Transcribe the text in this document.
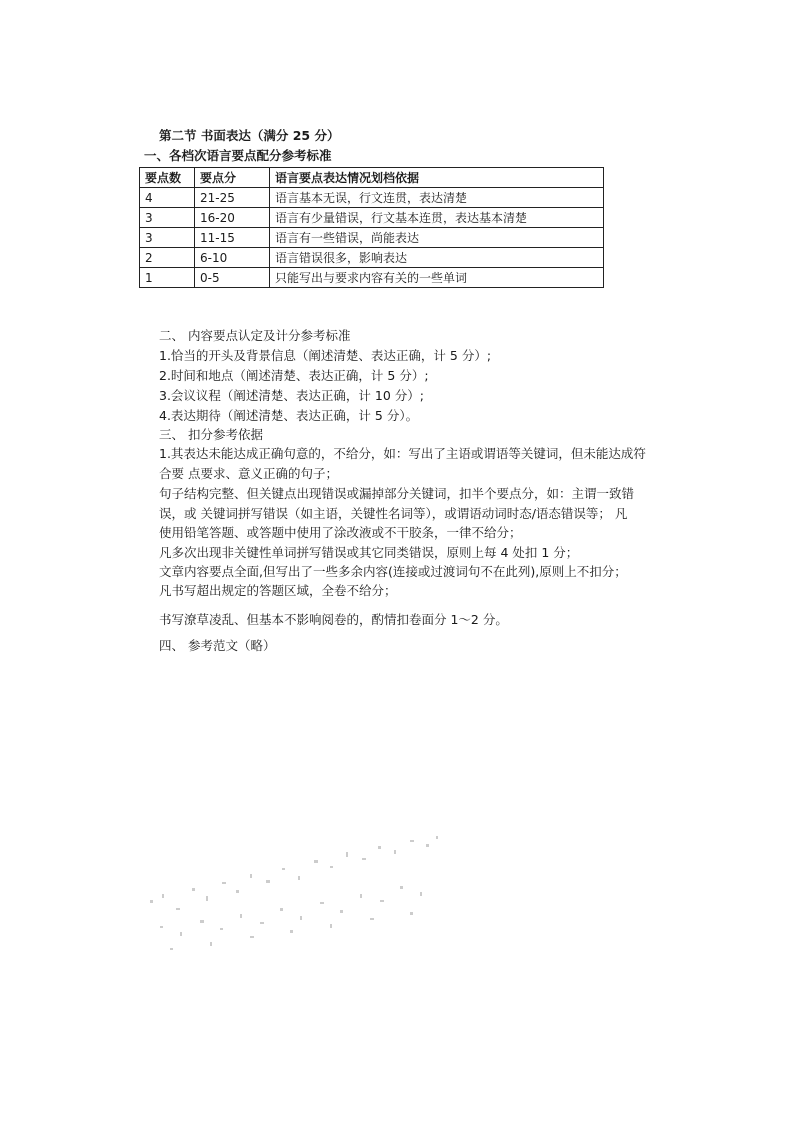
第二节 书面表达（满分 25 分）
一、各档次语言要点配分参考标准
要点数	要点分	语言要点表达情况划档依据
4	21-25	语言基本无误，行文连贯，表达清楚
3	16-20	语言有少量错误，行文基本连贯，表达基本清楚
3	11-15	语言有一些错误，尚能表达
2	6-10	语言错误很多，影响表达
1	0-5	只能写出与要求内容有关的一些单词
二、 内容要点认定及计分参考标准
1.恰当的开头及背景信息（阐述清楚、表达正确，计 5 分）;
2.时间和地点（阐述清楚、表达正确，计 5 分）;
3.会议议程（阐述清楚、表达正确，计 10 分）;
4.表达期待（阐述清楚、表达正确，计 5 分）。
三、 扣分参考依据
1.其表达未能达成正确句意的，不给分，如：写出了主语或谓语等关键词，但未能达成符
合要 点要求、意义正确的句子；
句子结构完整、但关键点出现错误或漏掉部分关键词，扣半个要点分，如：主谓一致错
误，或 关键词拼写错误（如主语，关键性名词等），或谓语动词时态/语态错误等； 凡
使用铅笔答题、或答题中使用了涂改液或不干胶条，一律不给分；
凡多次出现非关键性单词拼写错误或其它同类错误，原则上每 4 处扣 1 分；
文章内容要点全面,但写出了一些多余内容(连接或过渡词句不在此列),原则上不扣分；
凡书写超出规定的答题区域，全卷不给分；
书写潦草凌乱、但基本不影响阅卷的，酌情扣卷面分 1～2 分。
四、 参考范文（略）
